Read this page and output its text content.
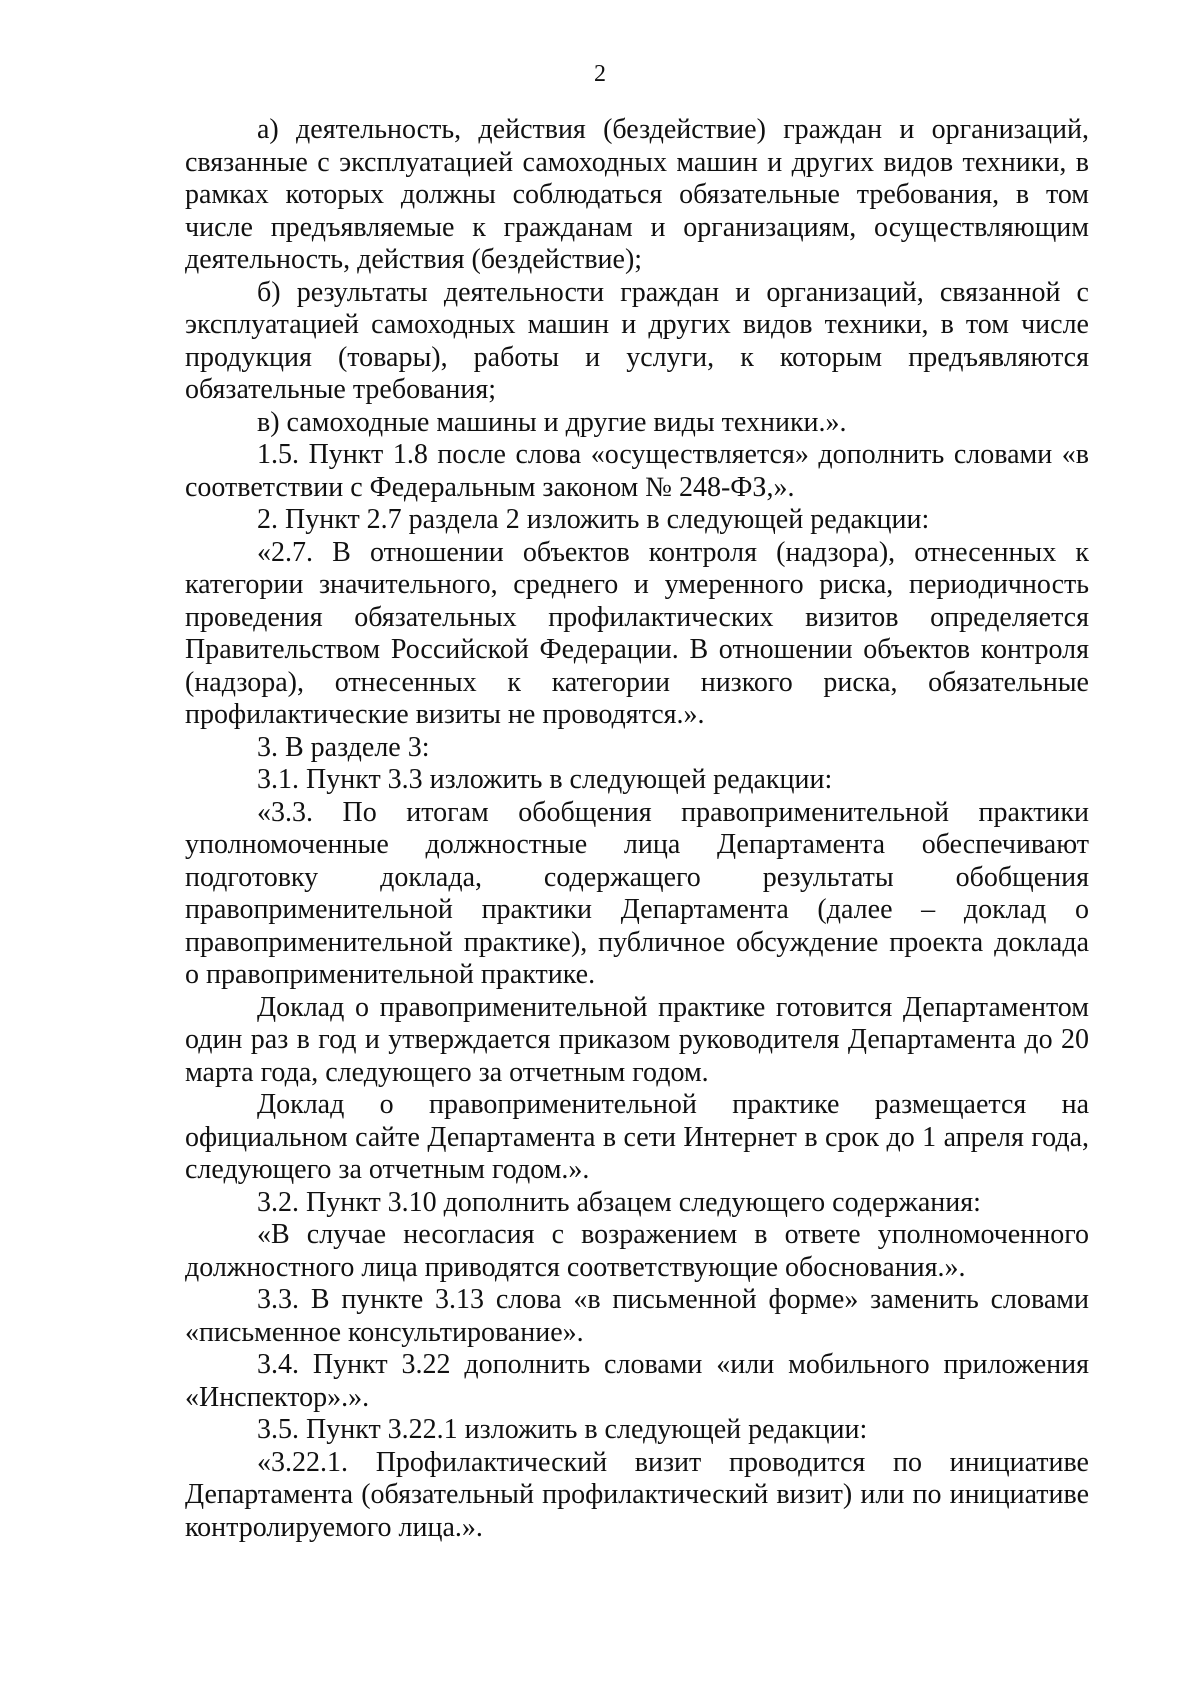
2

а) деятельность, действия (бездействие) граждан и организаций, связанные с эксплуатацией самоходных машин и других видов техники, в рамках которых должны соблюдаться обязательные требования, в том числе предъявляемые к гражданам и организациям, осуществляющим деятельность, действия (бездействие);

б) результаты деятельности граждан и организаций, связанной с эксплуатацией самоходных машин и других видов техники, в том числе продукция (товары), работы и услуги, к которым предъявляются обязательные требования;

в) самоходные машины и другие виды техники.».

1.5. Пункт 1.8 после слова «осуществляется» дополнить словами «в соответствии с Федеральным законом № 248-ФЗ,».

2. Пункт 2.7 раздела 2 изложить в следующей редакции:

«2.7. В отношении объектов контроля (надзора), отнесенных к категории значительного, среднего и умеренного риска, периодичность проведения обязательных профилактических визитов определяется Правительством Российской Федерации. В отношении объектов контроля (надзора), отнесенных к категории низкого риска, обязательные профилактические визиты не проводятся.».

3. В разделе 3:

3.1. Пункт 3.3 изложить в следующей редакции:

«3.3. По итогам обобщения правоприменительной практики уполномоченные должностные лица Департамента обеспечивают подготовку доклада, содержащего результаты обобщения правоприменительной практики Департамента (далее – доклад о правоприменительной практике), публичное обсуждение проекта доклада о правоприменительной практике.

Доклад о правоприменительной практике готовится Департаментом один раз в год и утверждается приказом руководителя Департамента до 20 марта года, следующего за отчетным годом.

Доклад о правоприменительной практике размещается на официальном сайте Департамента в сети Интернет в срок до 1 апреля года, следующего за отчетным годом.».

3.2. Пункт 3.10 дополнить абзацем следующего содержания:

«В случае несогласия с возражением в ответе уполномоченного должностного лица приводятся соответствующие обоснования.».

3.3. В пункте 3.13 слова «в письменной форме» заменить словами «письменное консультирование».

3.4. Пункт 3.22 дополнить словами «или мобильного приложения «Инспектор».».

3.5. Пункт 3.22.1 изложить в следующей редакции:

«3.22.1. Профилактический визит проводится по инициативе Департамента (обязательный профилактический визит) или по инициативе контролируемого лица.».
